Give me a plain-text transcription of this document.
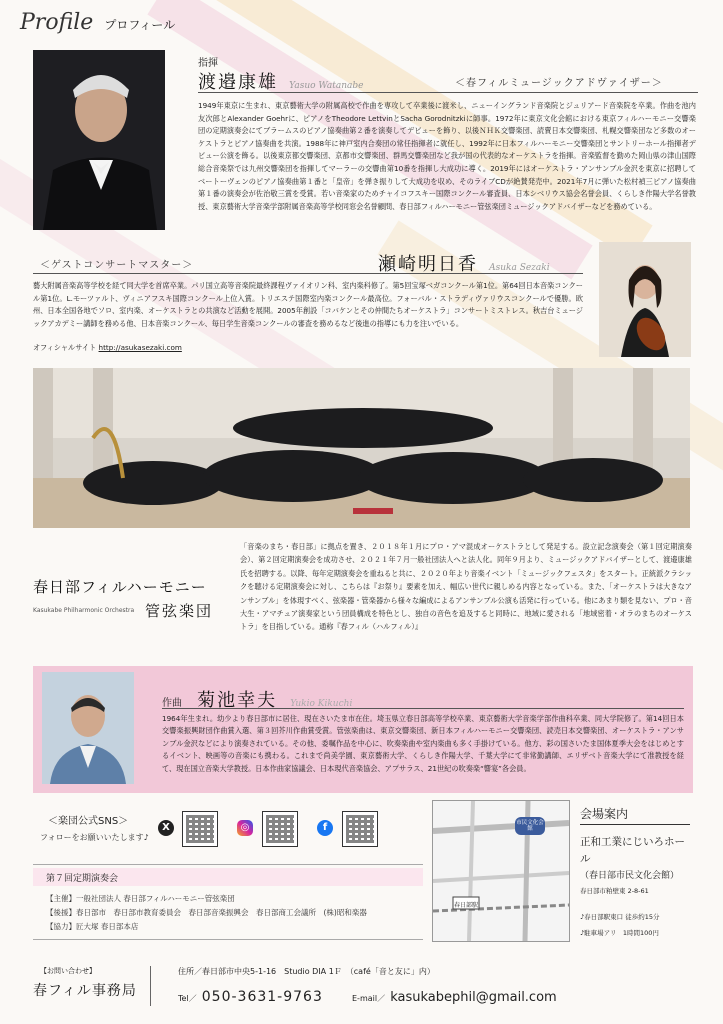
Profile プロフィール
指揮
渡邉康雄 Yasuo Watanabe	＜春フィルミュージックアドヴァイザー＞
1949年東京に生まれ、東京藝術大学の附属高校で作曲を専攻して卒業後に渡米し、ニューイングランド音楽院とジュリアード音楽院を卒業。作曲を池内友次郎とAlexander Goehrに、ピアノをTheodore LettvinとSacha Gorodnitzkiに師事。1972年に東京文化会館における東京フィルハーモニー交響楽団の定期演奏会にてブラームスのピアノ協奏曲第２番を演奏してデビューを飾り、以後ＮＨＫ交響楽団、読賣日本交響楽団、札幌交響楽団など多数のオーケストラとピアノ協奏曲を共演。1988年に神戸室内合奏団の常任指揮者に就任し、1992年に日本フィルハーモニー交響楽団とサントリーホール指揮者デビュー公演を飾る。以後東京都交響楽団、京都市交響楽団、群馬交響楽団など我が国の代表的なオーケストラを指揮。音楽監督を勤めた岡山県の津山国際総合音楽祭では九州交響楽団を指揮してマーラーの交響曲第10番を指揮し大成功に導く。2019年にはオーケストラ・アンサンブル金沢を東京に招聘してベートーヴェンのピアノ協奏曲第１番と「皇帝」を弾き振りして大成功を収め、そのライブCDが絶賛発売中。2021年7月に弾いた松村禎三ピアノ協奏曲第１番の演奏会が佐治敬三賞を受賞。若い音楽家のためチャイコフスキー国際コンクール審査員、日本シベリウス協会名誉会員、くらしき作陽大学名誉教授、東京藝術大学音楽学部附属音楽高等学校同窓会名誉顧問、春日部フィルハーモニー管弦楽団ミュージックアドバイザーなどを務めている。
＜ゲストコンサートマスター＞	瀬崎明日香 Asuka Sezaki
藝大附属音楽高等学校を経て同大学を首席卒業。パリ国立高等音楽院最終課程ヴァイオリン科、室内楽科修了。第5回宝塚ベガコンクール第1位。第64回日本音楽コンクール第1位。L.モーツァルト、ヴィニアフスキ国際コンクール上位入賞。トリエステ国際室内楽コンクール最高位。フォーバル・ストラディヴァリウスコンクールで優勝。欧州、日本全国各地でソロ、室内楽、オーケストラとの共演など活動を展開。2005年創設「コバケンとその仲間たちオーケストラ」コンサートミストレス。秋吉台ミュージックアカデミー講師を務める他、日本音楽コンクール、毎日学生音楽コンクールの審査を務めるなど後進の指導にも力を注いでいる。
オフィシャルサイト http://asukasezaki.com
春日部フィルハーモニー
Kasukabe Philharmonic Orchestra 管弦楽団
「音楽のまち・春日部」に拠点を置き、２０１８年１月にプロ・アマ混成オーケストラとして発足する。設立記念演奏会（第１回定期演奏会）、第２回定期演奏会を成功させ、２０２１年７月一般社団法人へと法人化。同年９月より、ミュージックアドバイザーとして、渡邉康雄氏を招聘する。以降、毎年定期演奏会を重ねると共に、２０２０年より音楽イベント「ミュージックフェスタ」をスタート。正統派クラシックを聴ける定期演奏会に対し、こちらは『お祭り』要素を加え、幅広い世代に親しめる内容となっている。また、「オーケストラは大きなアンサンブル」を体現すべく、弦楽器・管楽器から様々な編成によるアンサンブル公演も活発に行っている。他にあまり類を見ない、プロ・音大生・アマチュア演奏家という団員構成を特色とし、独自の音色を追及すると同時に、地域に愛される「地域密着・オラのまちのオーケストラ」を目指している。通称『春フィル（ハルフィル）』
作曲 菊池幸夫 Yukio Kikuchi
1964年生まれ。幼少より春日部市に居住、現在さいたま市在住。埼玉県立春日部高等学校卒業、東京藝術大学音楽学部作曲科卒業、同大学院修了。第14回日本交響楽振興財団作曲賞入選、第３回芥川作曲賞受賞。管弦楽曲は、東京交響楽団、新日本フィルハーモニー交響楽団、読売日本交響楽団、オーケストラ・アンサンブル金沢などにより演奏されている。その他、委嘱作品を中心に、吹奏楽曲や室内楽曲も多く手掛けている。他方、彩の国さいたま国体夏季大会をはじめとするイベント、映画等の音楽にも携わる。これまで尚美学園、東京藝術大学、くらしき作陽大学、千葉大学にて非常勤講師、エリザベト音楽大学にて准教授を経て、現在国立音楽大学教授。日本作曲家協議会、日本現代音楽協会、アプサラス、21世紀の吹奏楽“響宴”各会員。
＜楽団公式SNS＞
フォローをお願いいたします♪
X	◎	f
第７回定期演奏会
【主催】一般社団法人 春日部フィルハーモニー管弦楽団
【後援】春日部市　春日部市教育委員会　春日部音楽振興会　春日部商工会議所　(株)昭和楽器
【協力】匠大塚 春日部本店
市民文化会館
春日部駅
会場案内
正和工業にじいろホール
（春日部市民文化会館）
春日部市粕壁東 2-8-61
♪春日部駅東口 徒歩約15分
♪駐車場アリ　1時間100円
【お問い合わせ】
春フィル事務局
住所／春日部市中央5-1-16　Studio DIA 1Ｆ　（café「音と友に」内）
Tel／ 050-3631-9763	E-mail／ kasukabephil@gmail.com
